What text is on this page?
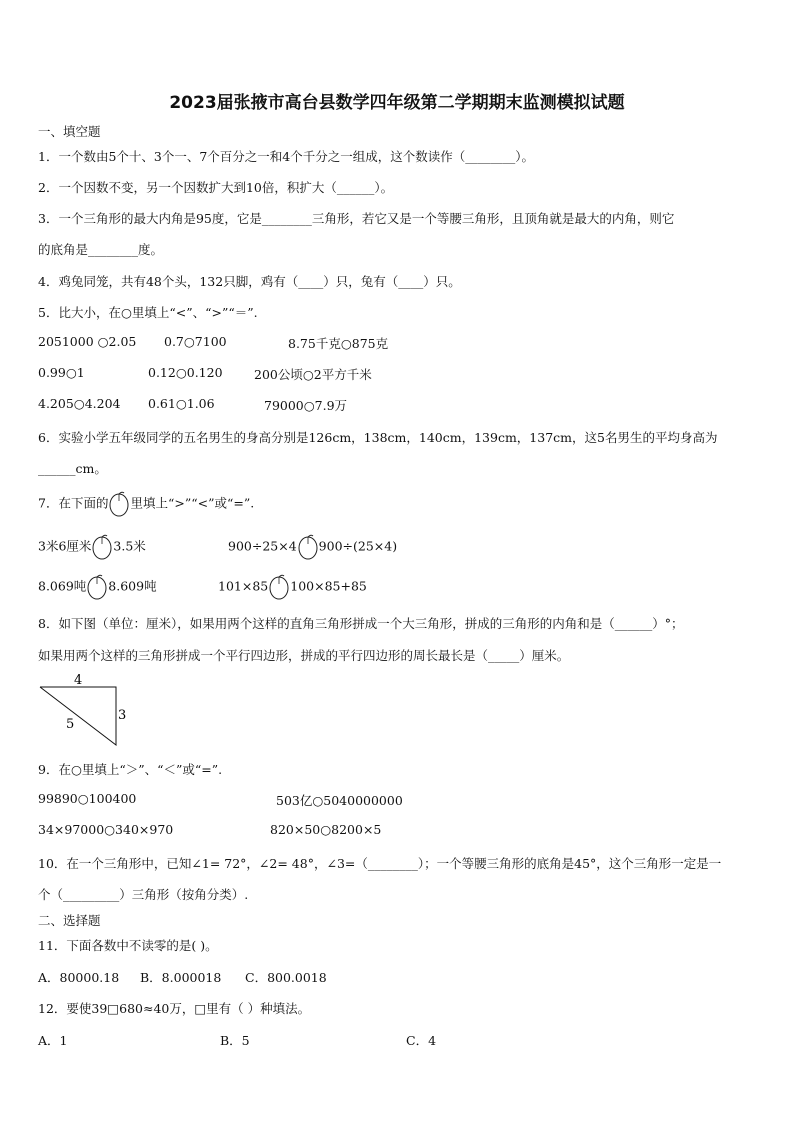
2023届张掖市高台县数学四年级第二学期期末监测模拟试题
一、填空题
1．一个数由5个十、3个一、7个百分之一和4个千分之一组成，这个数读作（________）。
2．一个因数不变，另一个因数扩大到10倍，积扩大（______）。
3．一个三角形的最大内角是95度，它是________三角形，若它又是一个等腰三角形，且顶角就是最大的内角，则它
的底角是________度。
4．鸡兔同笼，共有48个头，132只脚，鸡有（____）只，兔有（____）只。
5．比大小，在○里填上“<”、“>”“＝”.
2051000 ○2.05 0.7○7100	8.75千克○875克
0.99○1	0.12○0.120	200公顷○2平方千米
4.205○4.204 0.61○1.06	79000○7.9万
6．实验小学五年级同学的五名男生的身高分别是126cm，138cm，140cm，139cm，137cm，这5名男生的平均身高为
______cm。
7．在下面的 里填上“>”“<”或“=”.
3米6厘米 3.5米	900÷25×4 900÷(25×4)
8.069吨 8.609吨	101×85 100×85+85
8．如下图（单位：厘米），如果用两个这样的直角三角形拼成一个大三角形，拼成的三角形的内角和是（______）°；
如果用两个这样的三角形拼成一个平行四边形，拼成的平行四边形的周长最长是（_____）厘米。
4
3
5
9．在○里填上“＞”、“＜”或“=”.
99890○100400	503亿○5040000000
34×97000○340×970	820×50○8200×5
10．在一个三角形中，已知∠1= 72°，∠2= 48°，∠3=（________）；一个等腰三角形的底角是45°，这个三角形一定是一
个（_________）三角形（按角分类）.
二、选择题
11．下面各数中不读零的是( )。
A．80000.18 B．8.000018 C．800.0018
12．要使39□680≈40万，□里有（ ）种填法。
A．1	B．5	C．4
